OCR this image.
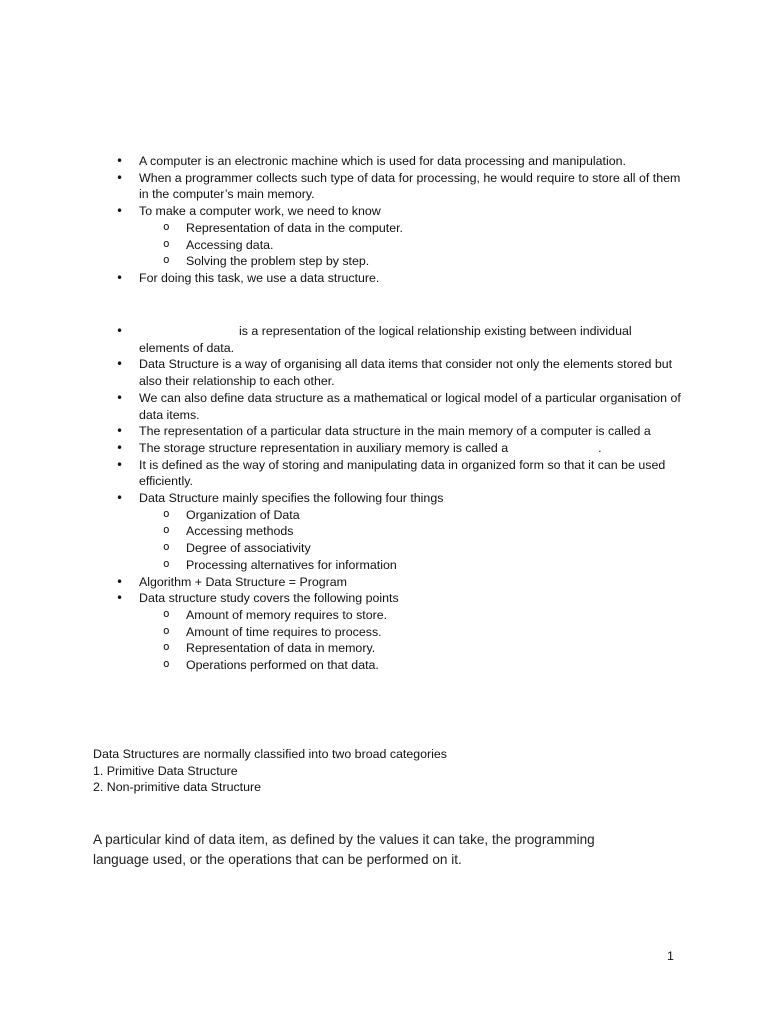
• A computer is an electronic machine which is used for data processing and manipulation.
• When a programmer collects such type of data for processing, he would require to store all of them in the computer’s main memory.
• To make a computer work, we need to know
o Representation of data in the computer.
o Accessing data.
o Solving the problem step by step.
• For doing this task, we use a data structure.
• is a representation of the logical relationship existing between individual elements of data.
• Data Structure is a way of organising all data items that consider not only the elements stored but also their relationship to each other.
• We can also define data structure as a mathematical or logical model of a particular organisation of data items.
• The representation of a particular data structure in the main memory of a computer is called a
• The storage structure representation in auxiliary memory is called a	.
• It is defined as the way of storing and manipulating data in organized form so that it can be used efficiently.
• Data Structure mainly specifies the following four things
o Organization of Data
o Accessing methods
o Degree of associativity
o Processing alternatives for information
• Algorithm + Data Structure = Program
• Data structure study covers the following points
o Amount of memory requires to store.
o Amount of time requires to process.
o Representation of data in memory.
o Operations performed on that data.
Data Structures are normally classified into two broad categories
1. Primitive Data Structure
2. Non-primitive data Structure
A particular kind of data item, as defined by the values it can take, the programming language used, or the operations that can be performed on it.
1
